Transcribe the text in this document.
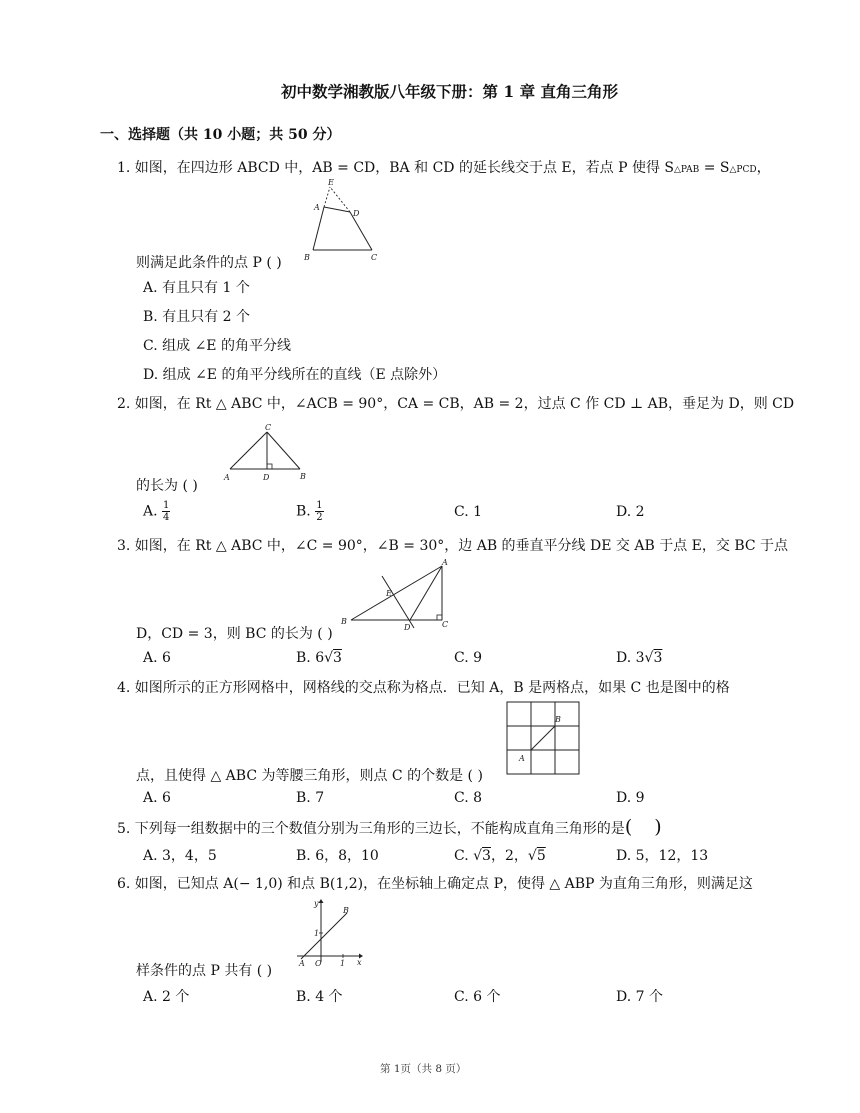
初中数学湘教版八年级下册：第 1 章 直角三角形
一、选择题（共 10 小题；共 50 分）
1. 如图，在四边形 ABCD 中，AB = CD，BA 和 CD 的延长线交于点 E，若点 P 使得 S△PAB = S△PCD，
E
A
D
B	C
则满足此条件的点 P ( )
A. 有且只有 1 个
B. 有且只有 2 个
C. 组成 ∠E 的角平分线
D. 组成 ∠E 的角平分线所在的直线（E 点除外）
2. 如图，在 Rt △ ABC 中，∠ACB = 90°，CA = CB，AB = 2，过点 C 作 CD ⊥ AB，垂足为 D，则 CD
C
A	D	B
的长为 ( )
A. $\frac{1}{4}$	B. $\frac{1}{2}$	C. 1	D. 2
3. 如图，在 Rt △ ABC 中，∠C = 90°，∠B = 30°，边 AB 的垂直平分线 DE 交 AB 于点 E，交 BC 于点
A
E
B
D	C
D，CD = 3，则 BC 的长为 ( )
A. 6	B. 6√3	C. 9	D. 3√3
4. 如图所示的正方形网格中，网格线的交点称为格点．已知 A，B 是两格点，如果 C 也是图中的格
B
A
点，且使得 △ ABC 为等腰三角形，则点 C 的个数是 ( )
A. 6	B. 7	C. 8	D. 9
5. 下列每一组数据中的三个数值分别为三角形的三边长，不能构成直角三角形的是( )
A. 3，4，5	B. 6，8，10	C. √3，2，√5	D. 5，12，13
6. 如图，已知点 A(− 1,0) 和点 B(1,2)，在坐标轴上确定点 P，使得 △ ABP 为直角三角形，则满足这
y
B
1
A O 1 x
样条件的点 P 共有 ( )
A. 2 个	B. 4 个	C. 6 个	D. 7 个
第 1页（共 8 页）
